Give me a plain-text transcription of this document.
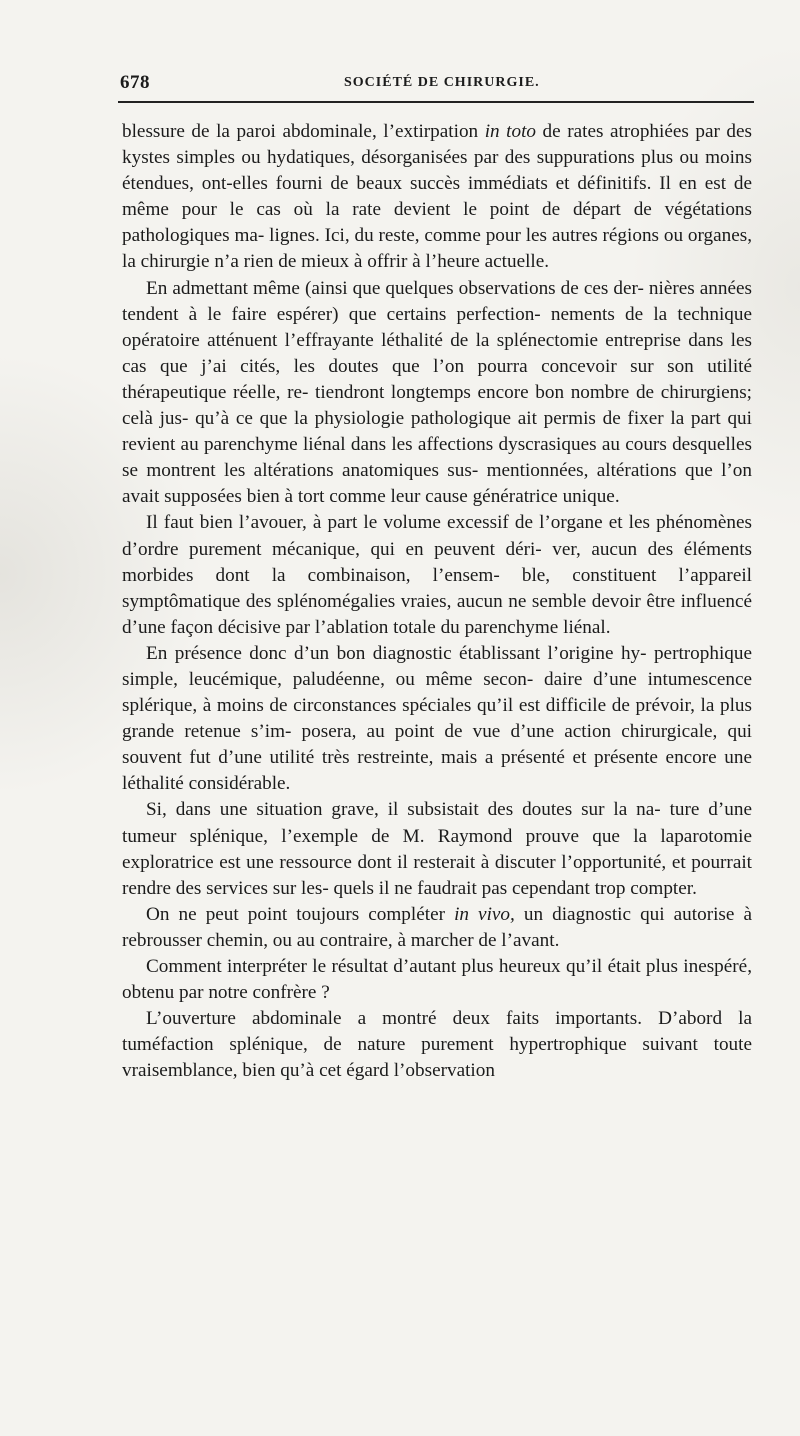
678	SOCIÉTÉ DE CHIRURGIE.

blessure de la paroi abdominale, l’extirpation in toto de rates atrophiées par des kystes simples ou hydatiques, désorganisées par des suppurations plus ou moins étendues, ont-elles fourni de beaux succès immédiats et définitifs. Il en est de même pour le cas où la rate devient le point de départ de végétations pathologiques ma- lignes. Ici, du reste, comme pour les autres régions ou organes, la chirurgie n’a rien de mieux à offrir à l’heure actuelle.

En admettant même (ainsi que quelques observations de ces der- nières années tendent à le faire espérer) que certains perfection- nements de la technique opératoire atténuent l’effrayante léthalité de la splénectomie entreprise dans les cas que j’ai cités, les doutes que l’on pourra concevoir sur son utilité thérapeutique réelle, re- tiendront longtemps encore bon nombre de chirurgiens; celà jus- qu’à ce que la physiologie pathologique ait permis de fixer la part qui revient au parenchyme liénal dans les affections dyscrasiques au cours desquelles se montrent les altérations anatomiques sus- mentionnées, altérations que l’on avait supposées bien à tort comme leur cause génératrice unique.

Il faut bien l’avouer, à part le volume excessif de l’organe et les phénomènes d’ordre purement mécanique, qui en peuvent déri- ver, aucun des éléments morbides dont la combinaison, l’ensem- ble, constituent l’appareil symptômatique des splénomégalies vraies, aucun ne semble devoir être influencé d’une façon décisive par l’ablation totale du parenchyme liénal.

En présence donc d’un bon diagnostic établissant l’origine hy- pertrophique simple, leucémique, paludéenne, ou même secon- daire d’une intumescence splérique, à moins de circonstances spéciales qu’il est difficile de prévoir, la plus grande retenue s’im- posera, au point de vue d’une action chirurgicale, qui souvent fut d’une utilité très restreinte, mais a présenté et présente encore une léthalité considérable.

Si, dans une situation grave, il subsistait des doutes sur la na- ture d’une tumeur splénique, l’exemple de M. Raymond prouve que la laparotomie exploratrice est une ressource dont il resterait à discuter l’opportunité, et pourrait rendre des services sur les- quels il ne faudrait pas cependant trop compter.

On ne peut point toujours compléter in vivo, un diagnostic qui autorise à rebrousser chemin, ou au contraire, à marcher de l’avant.

Comment interpréter le résultat d’autant plus heureux qu’il était plus inespéré, obtenu par notre confrère ?

L’ouverture abdominale a montré deux faits importants. D’abord la tuméfaction splénique, de nature purement hypertrophique suivant toute vraisemblance, bien qu’à cet égard l’observation
